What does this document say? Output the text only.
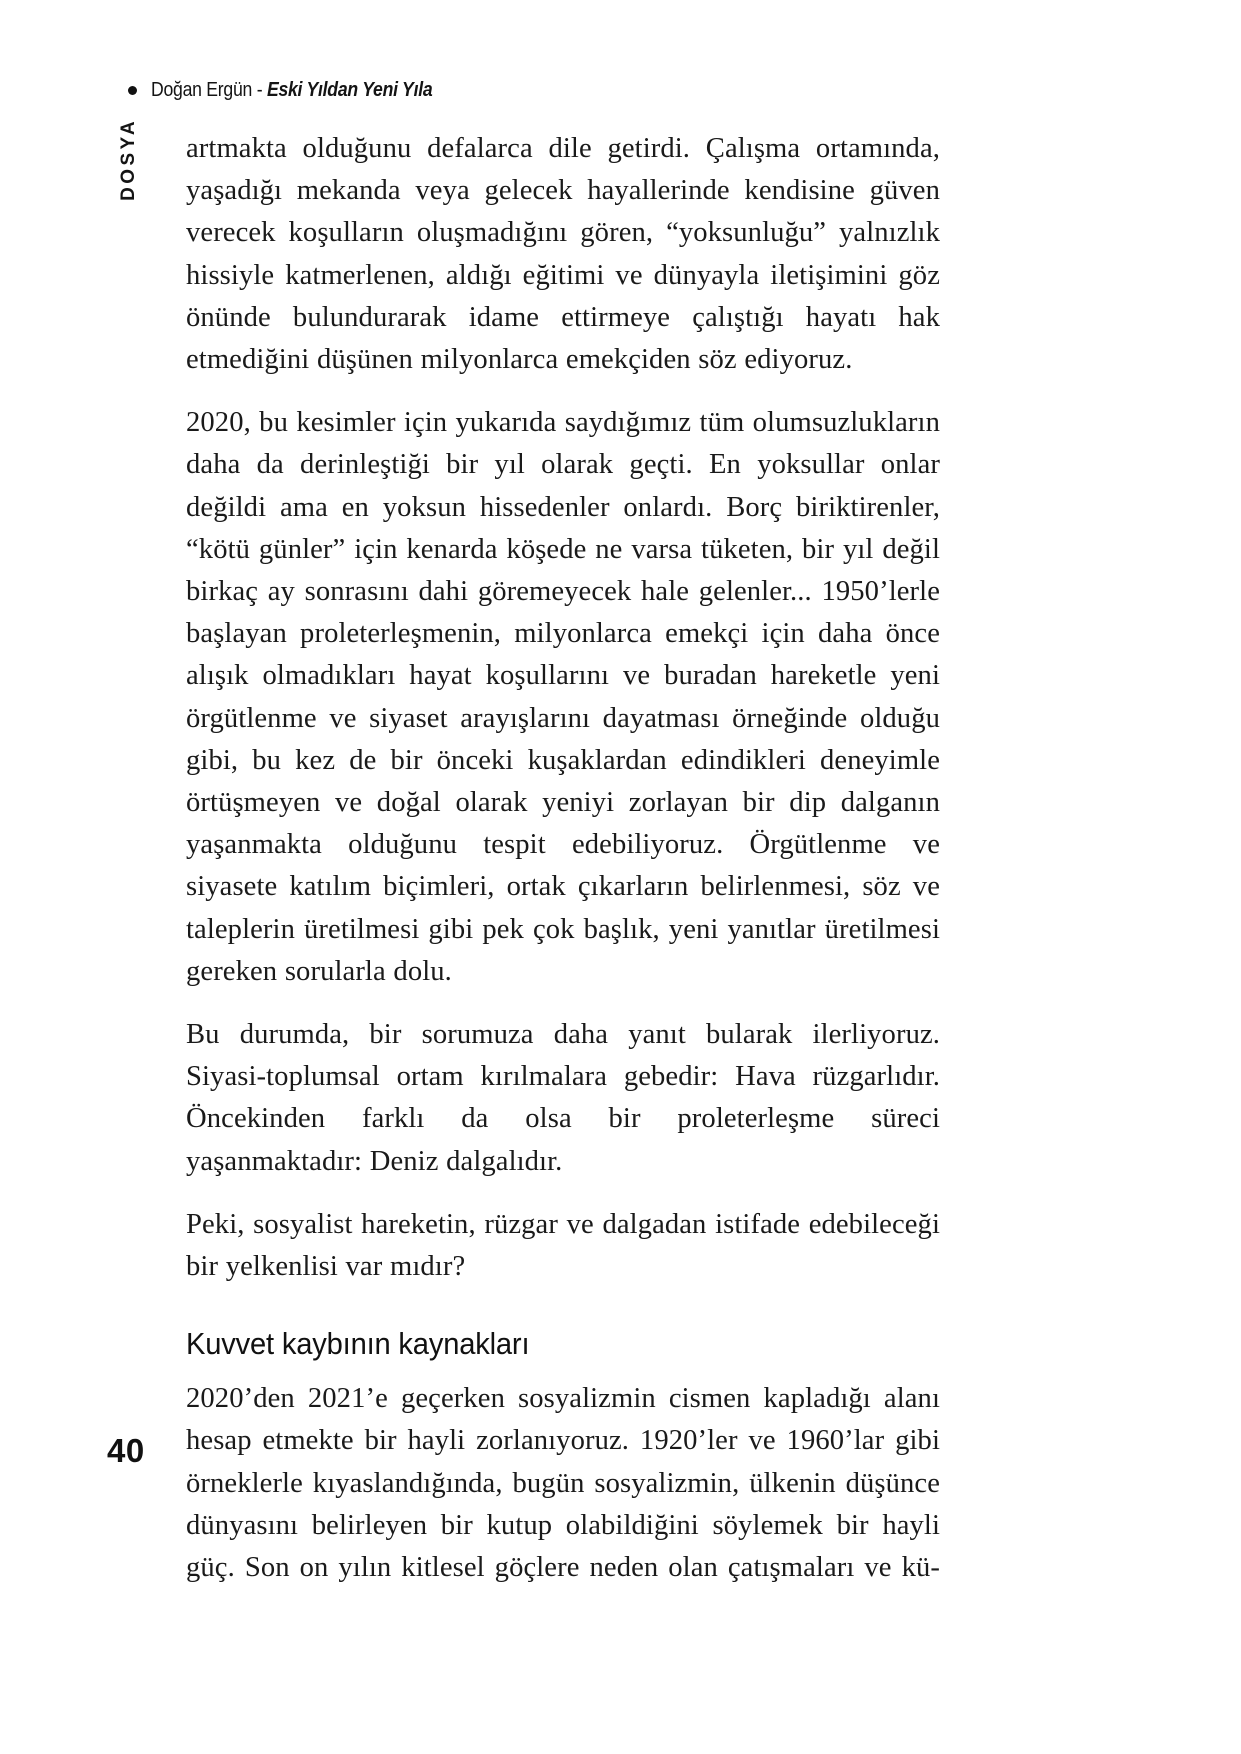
Doğan Ergün - Eski Yıldan Yeni Yıla
DOSYA artmakta olduğunu defalarca dile getirdi. Çalışma ortamında, yaşadığı mekanda veya gelecek hayallerinde kendisine güven verecek koşulların oluşmadığını gören, “yoksunluğu” yalnızlık hissiyle katmerlenen, aldığı eğitimi ve dünyayla iletişimini göz önünde bulundurarak idame ettirmeye çalıştığı hayatı hak etmediğini düşünen milyonlarca emekçiden söz ediyoruz.

2020, bu kesimler için yukarıda saydığımız tüm olumsuzlukların daha da derinleştiği bir yıl olarak geçti. En yoksullar onlar değildi ama en yoksun hissedenler onlardı. Borç biriktirenler, “kötü günler” için kenarda köşede ne varsa tüketen, bir yıl değil birkaç ay sonrasını dahi göremeyecek hale gelenler... 1950’lerle başlayan proleterleşmenin, milyonlarca emekçi için daha önce alışık olmadıkları hayat koşullarını ve buradan hareketle yeni örgütlenme ve siyaset arayışlarını dayatması örneğinde olduğu gibi, bu kez de bir önceki kuşaklardan edindikleri deneyimle örtüşmeyen ve doğal olarak yeniyi zorlayan bir dip dalganın yaşanmakta olduğunu tespit edebiliyoruz. Örgütlenme ve siyasete katılım biçimleri, ortak çıkarların belirlenmesi, söz ve taleplerin üretilmesi gibi pek çok başlık, yeni yanıtlar üretilmesi gereken sorularla dolu.

Bu durumda, bir sorumuza daha yanıt bularak ilerliyoruz. Siyasi-toplumsal ortam kırılmalara gebedir: Hava rüzgarlıdır. Öncekinden farklı da olsa bir proleterleşme süreci yaşanmaktadır: Deniz dalgalıdır.

Peki, sosyalist hareketin, rüzgar ve dalgadan istifade edebileceği bir yelkenlisi var mıdır?

Kuvvet kaybının kaynakları

2020’den 2021’e geçerken sosyalizmin cismen kapladığı alanı hesap etmekte bir hayli zorlanıyoruz. 1920’ler ve 1960’lar gibi örneklerle kıyaslandığında, bugün sosyalizmin, ülkenin düşünce dünyasını belirleyen bir kutup olabildiğini söylemek bir hayli güç. Son on yılın kitlesel göçlere neden olan çatışmaları ve kü-

40
